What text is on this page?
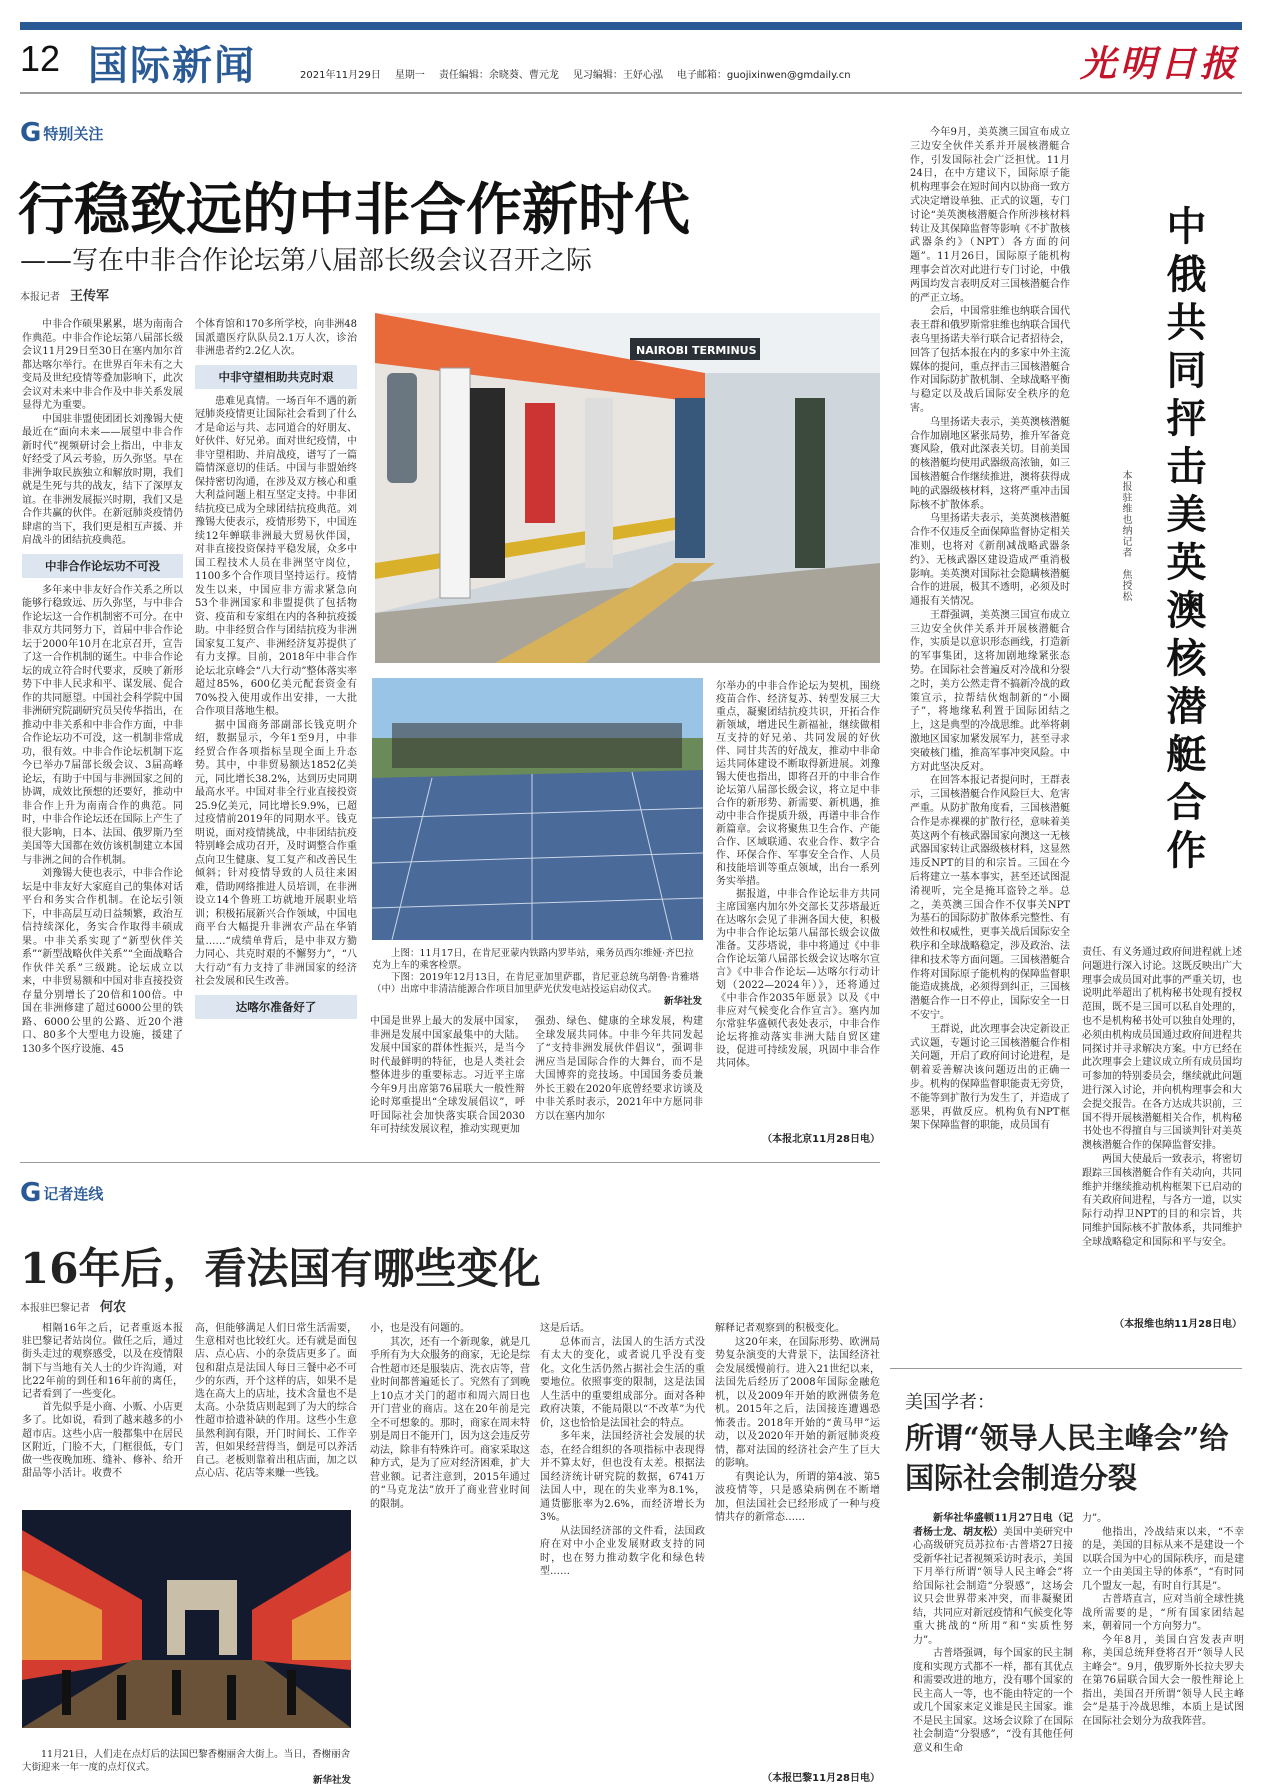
12 国际新闻	2021年11月29日 星期一 责任编辑：余晓葵、曹元龙 见习编辑：王妤心泓 电子邮箱：guojixinwen@gmdaily.cn	光明日报
G 特别关注
行稳致远的中非合作新时代
——写在中非合作论坛第八届部长级会议召开之际
本报记者 王传军

中非合作硕果累累，堪为南南合作典范。中非合作论坛第八届部长级会议11月29日至30日在塞内加尔首都达喀尔举行。在世界百年未有之大变局及世纪疫情等叠加影响下，此次会议对未来中非合作及中非关系发展显得尤为重要。

中国驻非盟使团团长刘豫锡大使最近在“面向未来——展望中非合作新时代”视频研讨会上指出，中非友好经受了风云考验，历久弥坚。早在非洲争取民族独立和解放时期，我们就是生死与共的战友，结下了深厚友谊。在非洲发展振兴时期，我们又是合作共赢的伙伴。在新冠肺炎疫情仍肆虐的当下，我们更是相互声援、并肩战斗的团结抗疫典范。

中非合作论坛功不可没

多年来中非友好合作关系之所以能够行稳致远、历久弥坚，与中非合作论坛这一合作机制密不可分。在中非双方共同努力下，首届中非合作论坛于2000年10月在北京召开，宣告了这一合作机制的诞生。中非合作论坛的成立符合时代要求，反映了新形势下中非人民求和平、谋发展、促合作的共同愿望。中国社会科学院中国非洲研究院副研究员吴传华指出，在推动中非关系和中非合作方面，中非合作论坛功不可没，这一机制非常成功，很有效。中非合作论坛机制下迄今已举办7届部长级会议、3届高峰论坛，有助于中国与非洲国家之间的协调，成效比预想的还要好，推动中非合作上升为南南合作的典范。同时，中非合作论坛还在国际上产生了很大影响，日本、法国、俄罗斯乃至美国等大国都在效仿该机制建立本国与非洲之间的合作机制。

刘豫锡大使也表示，中非合作论坛是中非友好大家庭自己的集体对话平台和务实合作机制。在论坛引领下，中非高层互动日益频繁，政治互信持续深化，务实合作取得丰硕成果。中非关系实现了“新型伙伴关系”“新型战略伙伴关系”“全面战略合作伙伴关系”三级跳。论坛成立以来，中非贸易额和中国对非直接投资存量分别增长了20倍和100倍。中国在非洲修建了超过6000公里的铁路、6000公里的公路、近20个港口、80多个大型电力设施，援建了130多个医疗设施、45

个体育馆和170多所学校，向非洲48国派遣医疗队队员2.1万人次，诊治非洲患者约2.2亿人次。

中非守望相助共克时艰

患难见真情。一场百年不遇的新冠肺炎疫情更让国际社会看到了什么才是命运与共、志同道合的好朋友、好伙伴、好兄弟。面对世纪疫情，中非守望相助、并肩战疫，谱写了一篇篇情深意切的佳话。中国与非盟始终保持密切沟通，在涉及双方核心和重大利益问题上相互坚定支持。中非团结抗疫已成为全球团结抗疫典范。刘豫锡大使表示，疫情形势下，中国连续12年蝉联非洲最大贸易伙伴国，对非直接投资保持平稳发展，众多中国工程技术人员在非洲坚守岗位，1100多个合作项目坚持运行。疫情发生以来，中国应非方需求紧急向53个非洲国家和非盟提供了包括物资、疫苗和专家组在内的各种抗疫援助。中非经贸合作与团结抗疫为非洲国家复工复产、非洲经济复苏提供了有力支撑。目前，2018年中非合作论坛北京峰会“八大行动”整体落实率超过85%，600亿美元配套资金有70%投入使用或作出安排，一大批合作项目落地生根。

据中国商务部副部长钱克明介绍，数据显示，今年1至9月，中非经贸合作各项指标呈现全面上升态势。其中，中非贸易额达1852亿美元，同比增长38.2%，达到历史同期最高水平。中国对非全行业直接投资25.9亿美元，同比增长9.9%，已超过疫情前2019年的同期水平。钱克明说，面对疫情挑战，中非团结抗疫特别峰会成功召开，及时调整合作重点向卫生健康、复工复产和改善民生倾斜；针对疫情导致的人员往来困难，借助网络推进人员培训，在非洲设立14个鲁班工坊就地开展职业培训；积极拓展新兴合作领域，中国电商平台大幅提升非洲农产品在华销量……“成绩单背后，是中非双方勠力同心、共克时艰的不懈努力”，“八大行动”有力支持了非洲国家的经济社会发展和民生改善。

达喀尔准备好了
NAIROBI TERMINUS

尔举办的中非合作论坛为契机，围绕疫苗合作、经济复苏、转型发展三大重点，凝聚团结抗疫共识，开拓合作新领域，增进民生新福祉，继续做相互支持的好兄弟、共同发展的好伙伴、同甘共苦的好战友，推动中非命运共同体建设不断取得新进展。刘豫锡大使也指出，即将召开的中非合作论坛第八届部长级会议，将立足中非合作的新形势、新需要、新机遇，推动中非合作提质升级，再谱中非合作新篇章。会议将聚焦卫生合作、产能合作、区域联通、农业合作、数字合作、环保合作、军事安全合作、人员和技能培训等重点领域，出台一系列务实举措。

据报道，中非合作论坛非方共同主席国塞内加尔外交部长艾莎塔最近在达喀尔会见了非洲各国大使，积极为中非合作论坛第八届部长级会议做准备。艾莎塔说，非中将通过《中非合作论坛第八届部长级会议达喀尔宣言》《中非合作论坛—达喀尔行动计划（2022—2024年）》，还将通过《中非合作2035年愿景》以及《中非应对气候变化合作宣言》。塞内加尔常驻华盛顿代表处表示，中非合作论坛将推动落实非洲大陆自贸区建设，促进可持续发展，巩固中非合作共同体。

（本报北京11月28日电）

上图：11月17日，在肯尼亚蒙内铁路内罗毕站，乘务员西尔维娅·齐巴拉克为上车的乘客检票。

下图：2019年12月13日，在肯尼亚加里萨郡，肯尼亚总统乌胡鲁·肯雅塔（中）出席中非清洁能源合作项目加里萨光伏发电站投运启动仪式。

新华社发

中国是世界上最大的发展中国家，非洲是发展中国家最集中的大陆。发展中国家的群体性振兴，是当今时代最鲜明的特征，也是人类社会整体进步的重要标志。习近平主席今年9月出席第76届联大一般性辩论时郑重提出“全球发展倡议”，呼吁国际社会加快落实联合国2030年可持续发展议程，推动实现更加

强劲、绿色、健康的全球发展，构建全球发展共同体。中非今年共同发起了“支持非洲发展伙伴倡议”，强调非洲应当是国际合作的大舞台，而不是大国博弈的竞技场。中国国务委员兼外长王毅在2020年底曾经要求访谈及中非关系时表示，2021年中方愿同非方以在塞内加尔

今年9月，美英澳三国宣布成立三边安全伙伴关系并开展核潜艇合作，引发国际社会广泛担忧。11月24日，在中方建议下，国际原子能机构理事会在短时间内以协商一致方式决定增设单独、正式的议题，专门讨论“美英澳核潜艇合作所涉核材料转让及其保障监督等影响《不扩散核武器条约》（NPT）各方面的问题”。11月26日，国际原子能机构理事会首次对此进行专门讨论，中俄两国均发言表明反对三国核潜艇合作的严正立场。

会后，中国常驻维也纳联合国代表王群和俄罗斯常驻维也纳联合国代表乌里扬诺夫举行联合记者招待会，回答了包括本报在内的多家中外主流媒体的提问，重点抨击三国核潜艇合作对国际防扩散机制、全球战略平衡与稳定以及战后国际安全秩序的危害。

乌里扬诺夫表示，美英澳核潜艇合作加剧地区紧张局势，推升军备竞赛风险，俄对此深表关切。目前美国的核潜艇均使用武器级高浓铀，如三国核潜艇合作继续推进，澳将获得成吨的武器级核材料，这将严重冲击国际核不扩散体系。

乌里扬诺夫表示，美英澳核潜艇合作不仅违反全面保障监督协定相关准则，也将对《新削减战略武器条约》、无核武器区建设造成严重消极影响。美英澳对国际社会隐瞒核潜艇合作的进展，极其不透明，必须及时通报有关情况。

王群强调，美英澳三国宣布成立三边安全伙伴关系并开展核潜艇合作，实质是以意识形态画线，打造新的军事集团，这将加剧地缘紧张态势。在国际社会普遍反对冷战和分裂之时，美方公然走背不搞新冷战的政策宣示，拉帮结伙炮制新的“小圈子”，将地缘私利置于国际团结之上，这是典型的冷战思维。此举将刺激地区国家加紧发展军力，甚至寻求突破核门槛，推高军事冲突风险。中方对此坚决反对。

在回答本报记者提问时，王群表示，三国核潜艇合作风险巨大、危害严重。从防扩散角度看，三国核潜艇合作是赤裸裸的扩散行径，意味着美英这两个有核武器国家向澳这一无核武器国家转让武器级核材料，这显然违反NPT的目的和宗旨。三国在今后将建立一基本事实，甚至还试图混淆视听，完全是掩耳盗铃之举。总之，美英澳三国合作不仅事关NPT为基石的国际防扩散体系完整性、有效性和权威性，更事关战后国际安全秩序和全球战略稳定，涉及政治、法律和技术等方面问题。三国核潜艇合作将对国际原子能机构的保障监督职能造成挑战，必须得到纠正，三国核潜艇合作一日不停止，国际安全一日不安宁。

王群说，此次理事会决定新设正式议题，专题讨论三国核潜艇合作相关问题，开启了政府间讨论进程，是朝着妥善解决该问题迈出的正确一步。机构的保障监督职能责无旁贷，不能等到扩散行为发生了，并造成了恶果，再做反应。机构负有NPT框架下保障监督的职能，成员国有

中俄共同抨击美英澳核潜艇合作
本报驻维也纳记者　焦授松

责任、有义务通过政府间进程就上述问题进行深入讨论。这既反映出广大理事会成员国对此事的严重关切，也说明此举超出了机构秘书处现有授权范围，既不是三国可以私自处理的，也不是机构秘书处可以独自处理的，必须由机构成员国通过政府间进程共同探讨并寻求解决方案。中方已经在此次理事会上建议成立所有成员国均可参加的特别委员会，继续就此问题进行深入讨论，并向机构理事会和大会提交报告。在各方达成共识前，三国不得开展核潜艇相关合作，机构秘书处也不得擅自与三国谈判针对美英澳核潜艇合作的保障监督安排。

两国大使最后一致表示，将密切跟踪三国核潜艇合作有关动向，共同维护并继续推动机构框架下已启动的有关政府间进程，与各方一道，以实际行动捍卫NPT的目的和宗旨，共同维护国际核不扩散体系，共同维护全球战略稳定和国际和平与安全。

（本报维也纳11月28日电）
美国学者：
所谓“领导人民主峰会”给国际社会制造分裂

新华社华盛顿11月27日电（记者杨士龙、胡友松）美国中美研究中心高级研究员苏拉布·古普塔27日接受新华社记者视频采访时表示，美国下月举行所谓“领导人民主峰会”将给国际社会制造“分裂感”，这场会议只会世界带来冲突，而非凝聚团结，共同应对新冠疫情和气候变化等重大挑战的“所用”和“实质性努力”。

古普塔强调，每个国家的民主制度和实现方式都不一样，都有其优点和需要改进的地方，没有哪个国家的民主高人一等，也不能由特定的一个或几个国家来定义谁是民主国家。谁不是民主国家。这场会议除了在国际社会制造“分裂感”，“没有其他任何意义和生命

力”。

他指出，冷战结束以来，“不幸的是，美国的目标从来不是建设一个以联合国为中心的国际秩序，而是建立一个由美国主导的体系”，“有时同几个盟友一起，有时自行其是”。

古普塔直言，应对当前全球性挑战所需要的是，“所有国家团结起来，朝着同一个方向努力”。

今年8月，美国白宫发表声明称，美国总统拜登将召开“领导人民主峰会”。9月，俄罗斯外长拉夫罗夫在第76届联合国大会一般性辩论上指出，美国召开所谓“领导人民主峰会”是基于冷战思维，本质上是试图在国际社会划分为敌我阵营。

G 记者连线
16年后，看法国有哪些变化
本报驻巴黎记者 何农

相隔16年之后，记者重返本报驻巴黎记者站岗位。做任之后，通过街头走过的观察感受，以及在疫情限制下与当地有关人士的少许沟通，对比22年前的到任和16年前的离任，记者看到了一些变化。

首先似乎是小商、小贩、小店更多了。比如说，看到了越来越多的小超市店。这些小店一般都集中在居民区附近，门脸不大，门框很低，专门做一些夜晚加班、缝补、修补、给开甜品等小活计。收费不

高，但能够满足人们日常生活需要，生意相对也比较红火。还有就是面包店、点心店、小的杂货店更多了。面包和甜点是法国人每日三餐中必不可少的东西，开个这样的店，如果不是选在高大上的店址，技术含量也不是太高。小杂货店则起到了为大的综合性超市拾遗补缺的作用。这些小生意虽然利润有限，开门时间长、工作辛苦，但如果经营得当，倒是可以养活自己。老板则靠着出租店面，加之以点心店、花店等来赚一些钱。

小，也是没有问题的。

其次，还有一个新现象，就是几乎所有为大众服务的商家，无论是综合性超市还是服装店、洗衣店等，营业时间都普遍延长了。究然有了到晚上10点才关门的超市和周六周日也开门营业的商店。这在20年前是完全不可想象的。那时，商家在周末特别是周日不能开门，因为这会违反劳动法，除非有特殊许可。商家采取这种方式，是为了应对经济困难，扩大营业额。记者注意到，2015年通过的“马克龙法”放开了商业营业时间的限制。

这是后话。

总体而言，法国人的生活方式没有太大的变化，或者说几乎没有变化。文化生活仍然占据社会生活的重要地位。依照事变的限制，这是法国人生活中的重要组成部分。面对各种政府决策，不能局限以“不改革”为代价，这也恰恰是法国社会的特点。

多年来，法国经济社会发展的状态，在经合组织的各项指标中表现得并不算太好，但也没有太差。根据法国经济统计研究院的数据，6741万法国人中，现在的失业率为8.1%，通货膨胀率为2.6%，而经济增长为3%。

从法国经济部的文件看，法国政府在对中小企业发展财政支持的同时，也在努力推动数字化和绿色转型……

解释记者观察到的积极变化。

这20年来，在国际形势、欧洲局势复杂演变的大背景下，法国经济社会发展缓慢前行。进入21世纪以来，法国先后经历了2008年国际金融危机，以及2009年开始的欧洲债务危机。2015年之后，法国接连遭遇恐怖袭击。2018年开始的“黄马甲”运动，以及2020年开始的新冠肺炎疫情，都对法国的经济社会产生了巨大的影响。

有舆论认为，所谓的第4波、第5波疫情等，只是感染病例在不断增加，但法国社会已经形成了一种与疫情共存的新常态……

（本报巴黎11月28日电）

11月21日，人们走在点灯后的法国巴黎香榭丽舍大街上。当日，香榭丽舍大街迎来一年一度的点灯仪式。

新华社发
